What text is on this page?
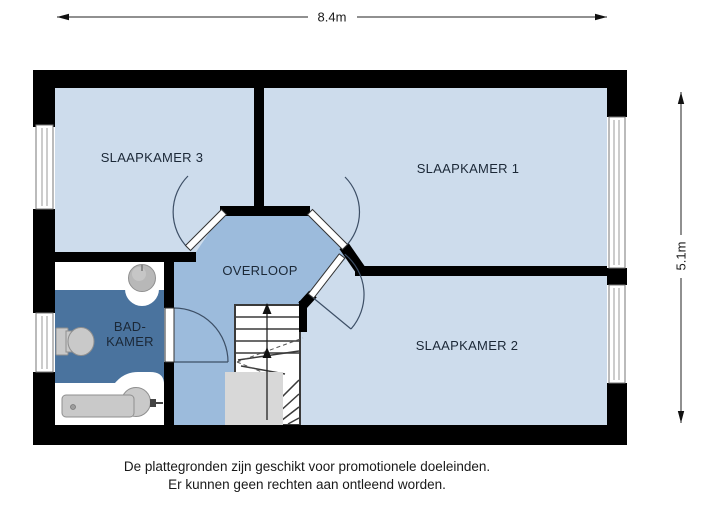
SLAAPKAMER 3
SLAAPKAMER 1
SLAAPKAMER 2
OVERLOOP
BAD-
KAMER
8.4m
5.1m
De plattegronden zijn geschikt voor promotionele doeleinden.
Er kunnen geen rechten aan ontleend worden.
